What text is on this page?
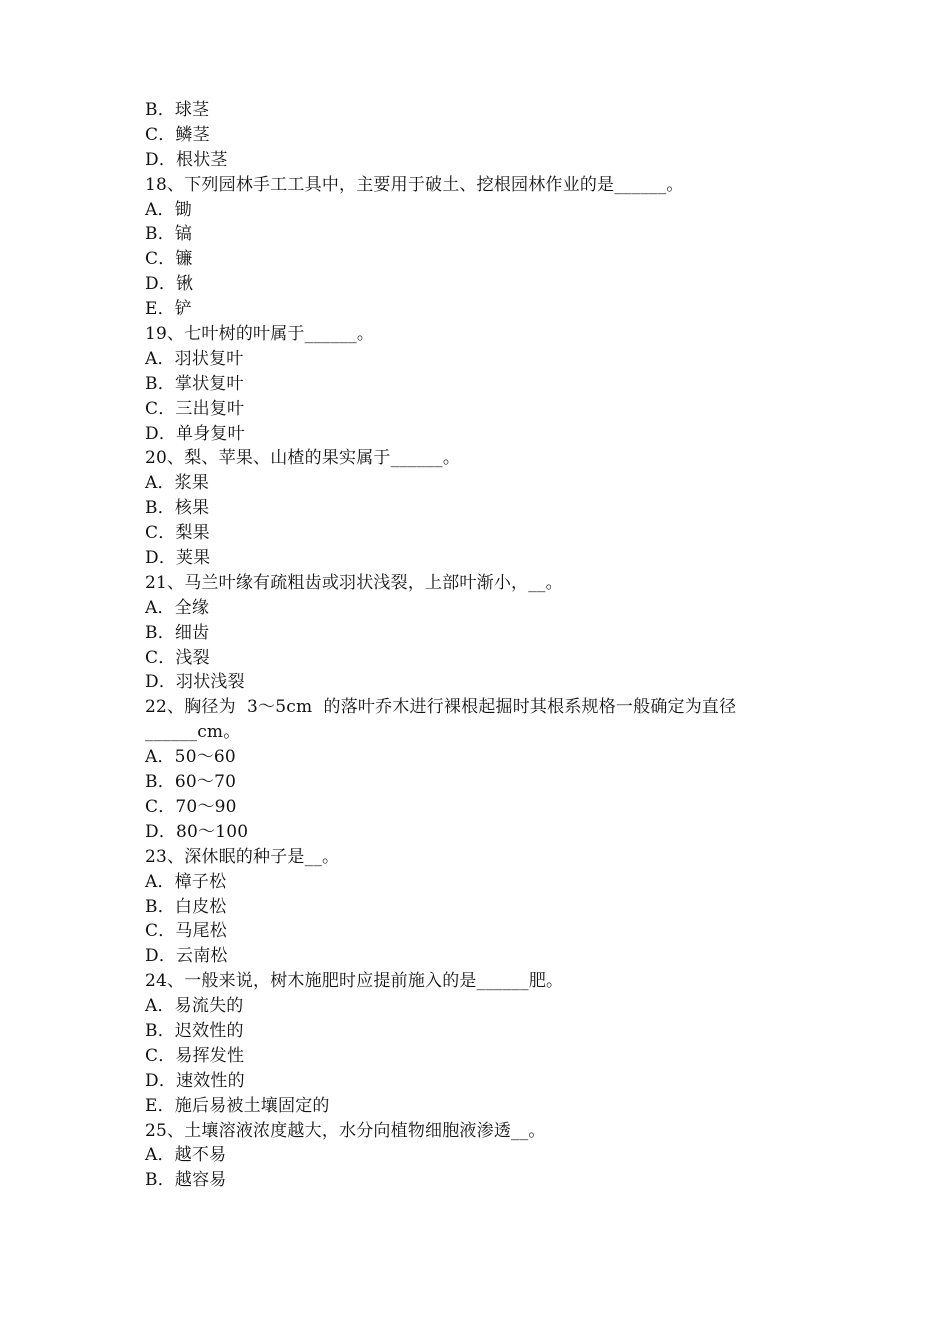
B．球茎
C．鳞茎
D．根状茎
18、下列园林手工工具中，主要用于破土、挖根园林作业的是______。
A．锄
B．镐
C．镰
D．锹
E．铲
19、七叶树的叶属于______。
A．羽状复叶
B．掌状复叶
C．三出复叶
D．单身复叶
20、梨、苹果、山楂的果实属于______。
A．浆果
B．核果
C．梨果
D．荚果
21、马兰叶缘有疏粗齿或羽状浅裂，上部叶渐小，__。
A．全缘
B．细齿
C．浅裂
D．羽状浅裂
22、胸径为  3～5cm  的落叶乔木进行裸根起掘时其根系规格一般确定为直径
______cm。
A．50～60
B．60～70
C．70～90
D．80～100
23、深休眠的种子是__。
A．樟子松
B．白皮松
C．马尾松
D．云南松
24、一般来说，树木施肥时应提前施入的是______肥。
A．易流失的
B．迟效性的
C．易挥发性
D．速效性的
E．施后易被土壤固定的
25、土壤溶液浓度越大，水分向植物细胞液渗透__。
A．越不易
B．越容易
